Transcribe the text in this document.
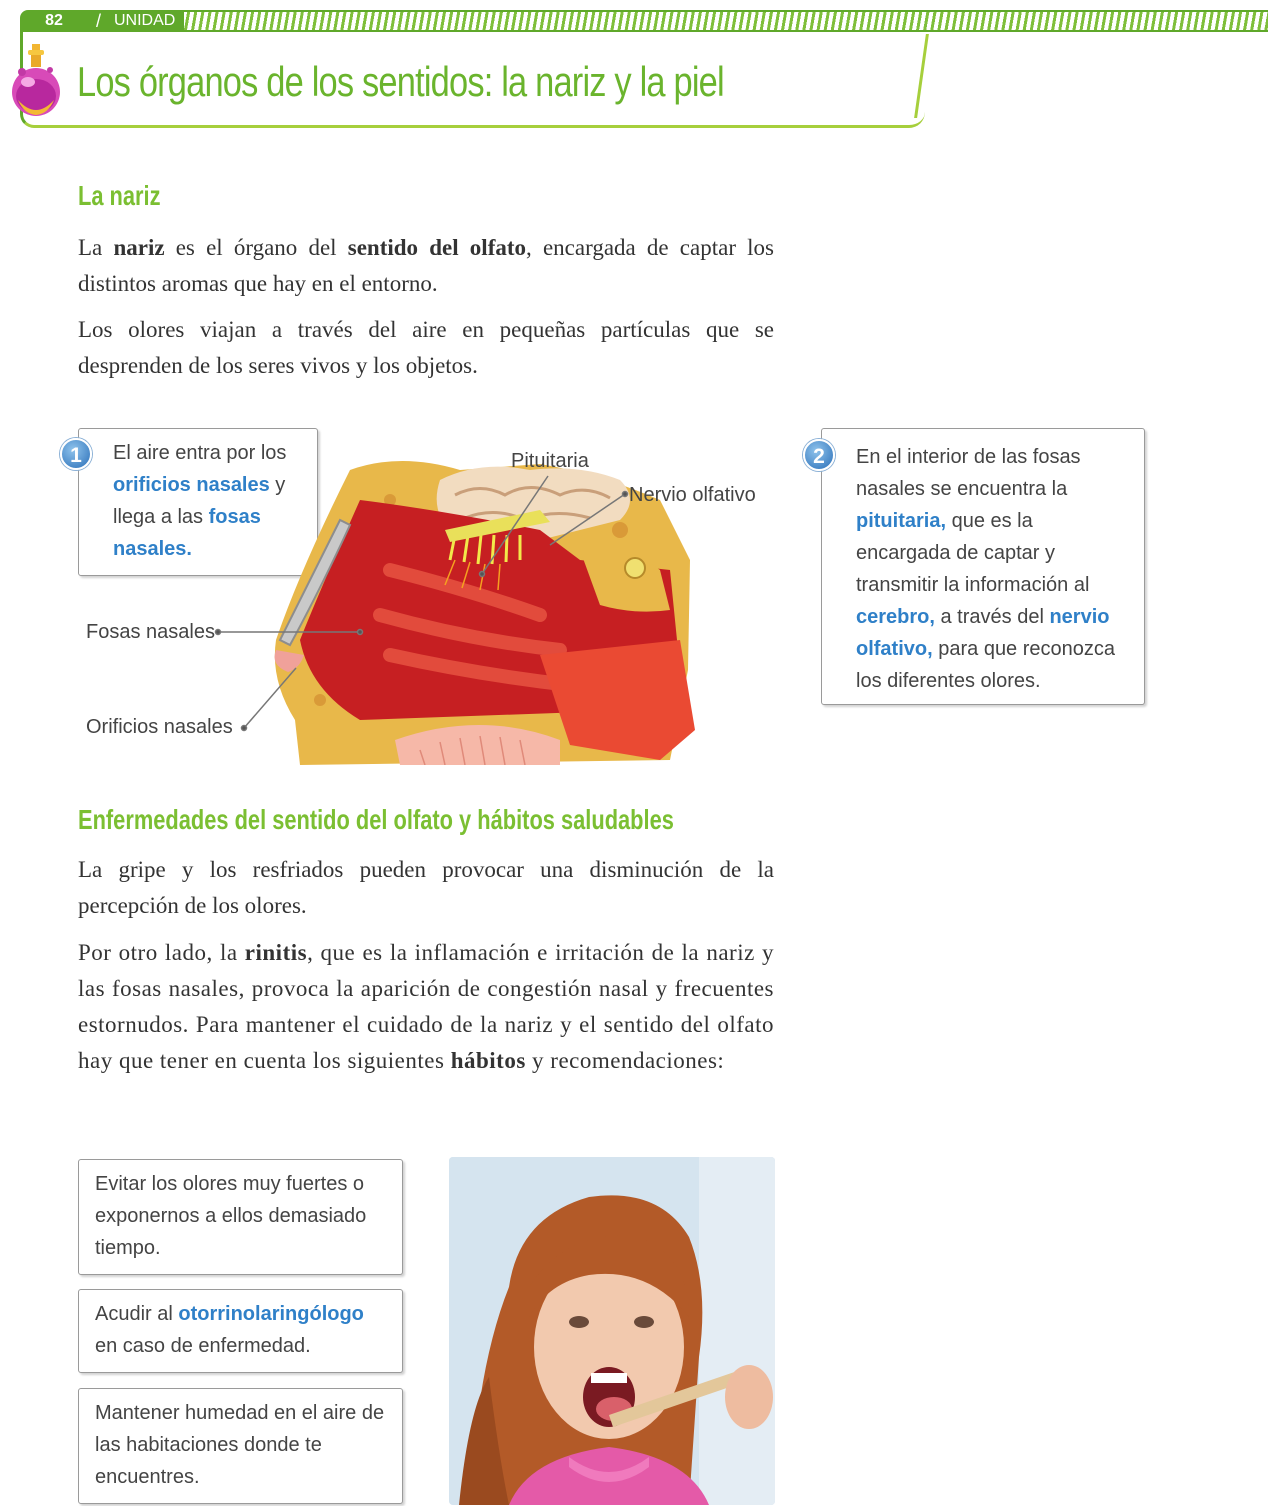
82	/ UNIDAD 4
Los órganos de los sentidos: la nariz y la piel
La nariz
La nariz es el órgano del sentido del olfato, encargada de captar los distintos aromas que hay en el entorno.
Los olores viajan a través del aire en pequeñas partículas que se desprenden de los seres vivos y los objetos.
El aire entra por los orificios nasales y llega a las fosas nasales.
1	En el interior de las fosas nasales se encuentra la pituitaria, que es la encargada de captar y transmitir la información al cerebro, a través del nervio olfativo, para que reconozca los diferentes olores.
2
Pituitaria
Nervio olfativo
Fosas nasales
Orificios nasales
Enfermedades del sentido del olfato y hábitos saludables
La gripe y los resfriados pueden provocar una disminución de la percepción de los olores.
Por otro lado, la rinitis, que es la inflamación e irritación de la nariz y las fosas nasales, provoca la aparición de congestión nasal y frecuentes estornudos. Para mantener el cuidado de la nariz y el sentido del olfato hay que tener en cuenta los siguientes hábitos y recomendaciones:
Evitar los olores muy fuertes o exponernos a ellos demasiado tiempo.
Acudir al otorrinolaringólogo en caso de enfermedad.
Mantener humedad en el aire de las habitaciones donde te encuentres.
